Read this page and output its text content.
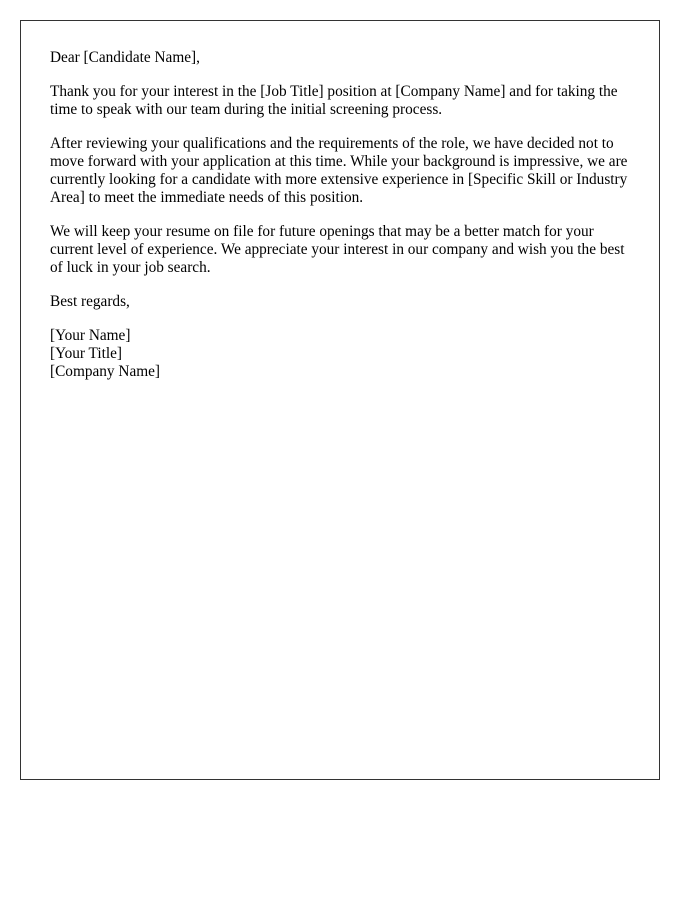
Dear [Candidate Name],

Thank you for your interest in the [Job Title] position at [Company Name] and for taking the time to speak with our team during the initial screening process.

After reviewing your qualifications and the requirements of the role, we have decided not to move forward with your application at this time. While your background is impressive, we are currently looking for a candidate with more extensive experience in [Specific Skill or Industry Area] to meet the immediate needs of this position.

We will keep your resume on file for future openings that may be a better match for your current level of experience. We appreciate your interest in our company and wish you the best of luck in your job search.

Best regards,

[Your Name]
[Your Title]
[Company Name]
